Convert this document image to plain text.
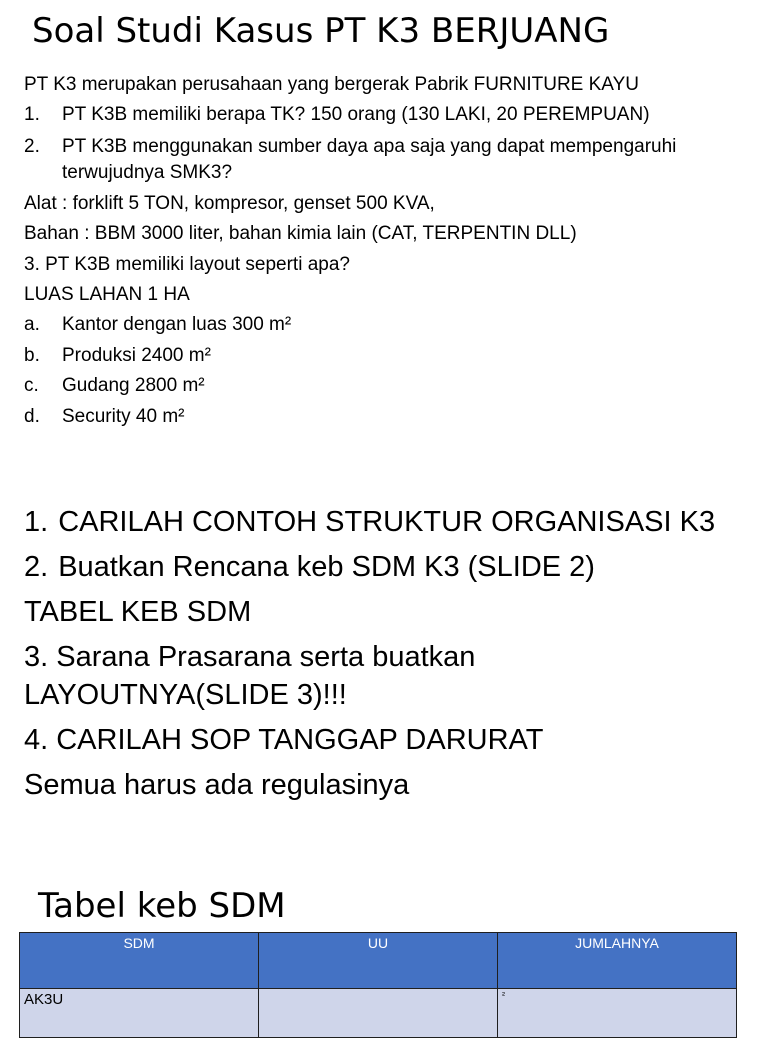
Soal Studi Kasus PT K3 BERJUANG
PT K3 merupakan perusahaan yang bergerak Pabrik FURNITURE KAYU
1.	PT K3B memiliki berapa TK? 150 orang (130 LAKI, 20 PEREMPUAN)
2.	PT K3B menggunakan sumber daya apa saja yang dapat mempengaruhi terwujudnya SMK3?
Alat : forklift 5 TON, kompresor, genset 500 KVA,
Bahan : BBM 3000 liter, bahan kimia lain (CAT, TERPENTIN DLL)
3. PT K3B memiliki layout seperti apa?
LUAS LAHAN 1 HA
a.	Kantor dengan luas 300 m²
b.	Produksi 2400 m²
c.	Gudang 2800 m²
d.	Security 40 m²
1. CARILAH CONTOH STRUKTUR ORGANISASI K3
2. Buatkan Rencana keb SDM K3 (SLIDE 2)
TABEL KEB SDM
3. Sarana Prasarana serta buatkan LAYOUTNYA(SLIDE 3)!!!
4. CARILAH SOP TANGGAP DARURAT
Semua harus ada regulasinya
Tabel keb SDM
SDM	UU	JUMLAHNYA
AK3U		²
